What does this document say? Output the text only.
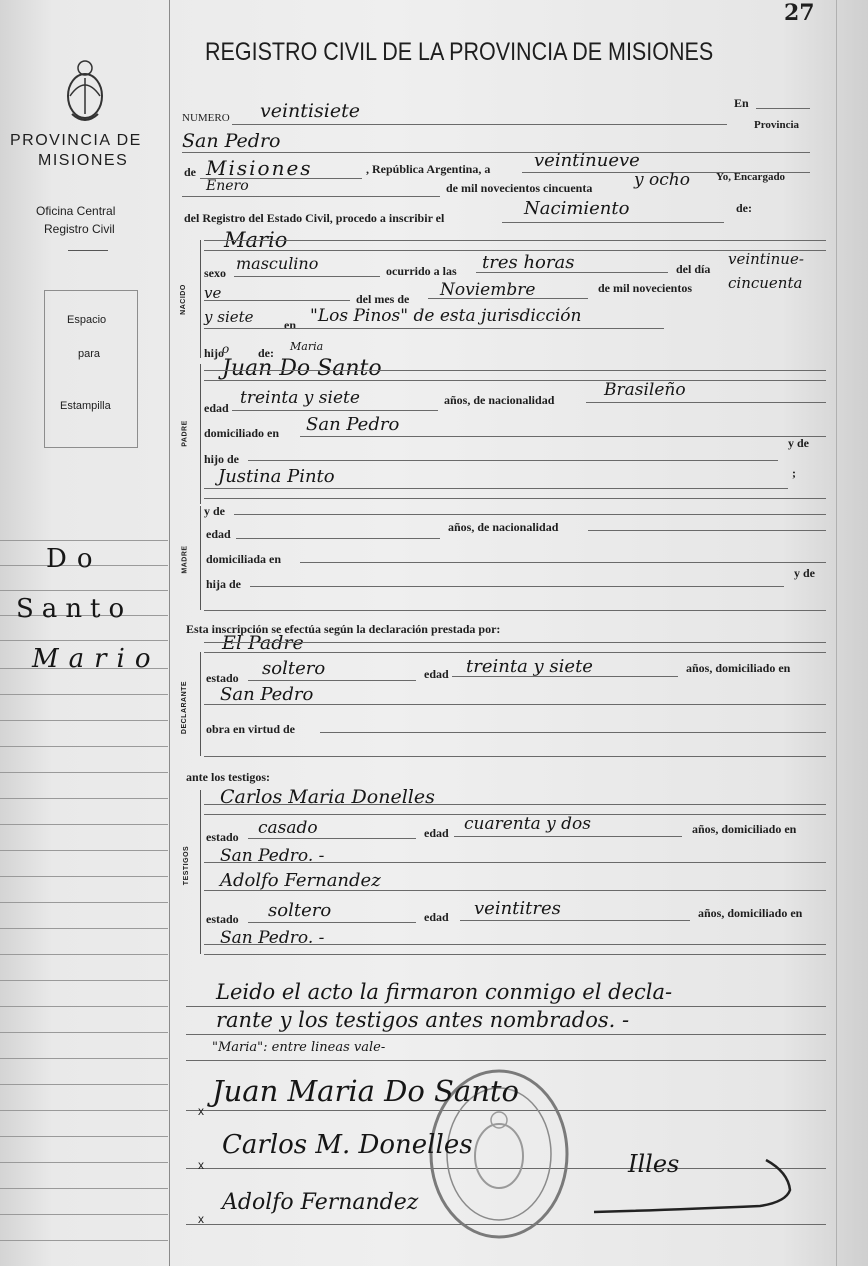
27
REGISTRO CIVIL DE LA PROVINCIA DE MISIONES
PROVINCIA DE
MISIONES
Oficina Central
Registro Civil
Espacio
para
Estampilla
Do
Santo
Mario
NUMERO veintisiete	En
Provincia
San Pedro
de Misiones	, República Argentina, a veintinueve
Enero	de mil novecientos cincuenta y ocho Yo, Encargado
del Registro del Estado Civil, procedo a inscribir el	Nacimiento	de:
NACIDO
Mario
sexo masculino	ocurrido a las tres horas	del día
veintinue-
ve	del mes de Noviembre	de mil novecientos cincuenta
y siete	en "Los Pinos" de esta jurisdicción
hijo
o de:
PADRE
Maria
Juan Do Santo
edad treinta y siete	años, de nacionalidad	Brasileño
domiciliado en San Pedro
hijo de
y de
Justina Pinto	;
MADRE
y de
edad	años, de nacionalidad
domiciliada en
hija de
y de
Esta inscripción se efectúa según la declaración prestada por:
El Padre
DECLARANTE
estado soltero	edad treinta y siete	años, domiciliado en
San Pedro
obra en virtud de
ante los testigos:
TESTIGOS
Carlos Maria Donelles
estado casado	edad cuarenta y dos	años, domiciliado en
San Pedro. -
Adolfo Fernandez
estado soltero	edad veintitres	años, domiciliado en
San Pedro. -
Leido el acto la firmaron conmigo el decla-
rante y los testigos antes nombrados. -
"Maria": entre lineas vale-
x
Juan Maria Do Santo
x
Carlos M. Donelles
x
Adolfo Fernandez
Illes
